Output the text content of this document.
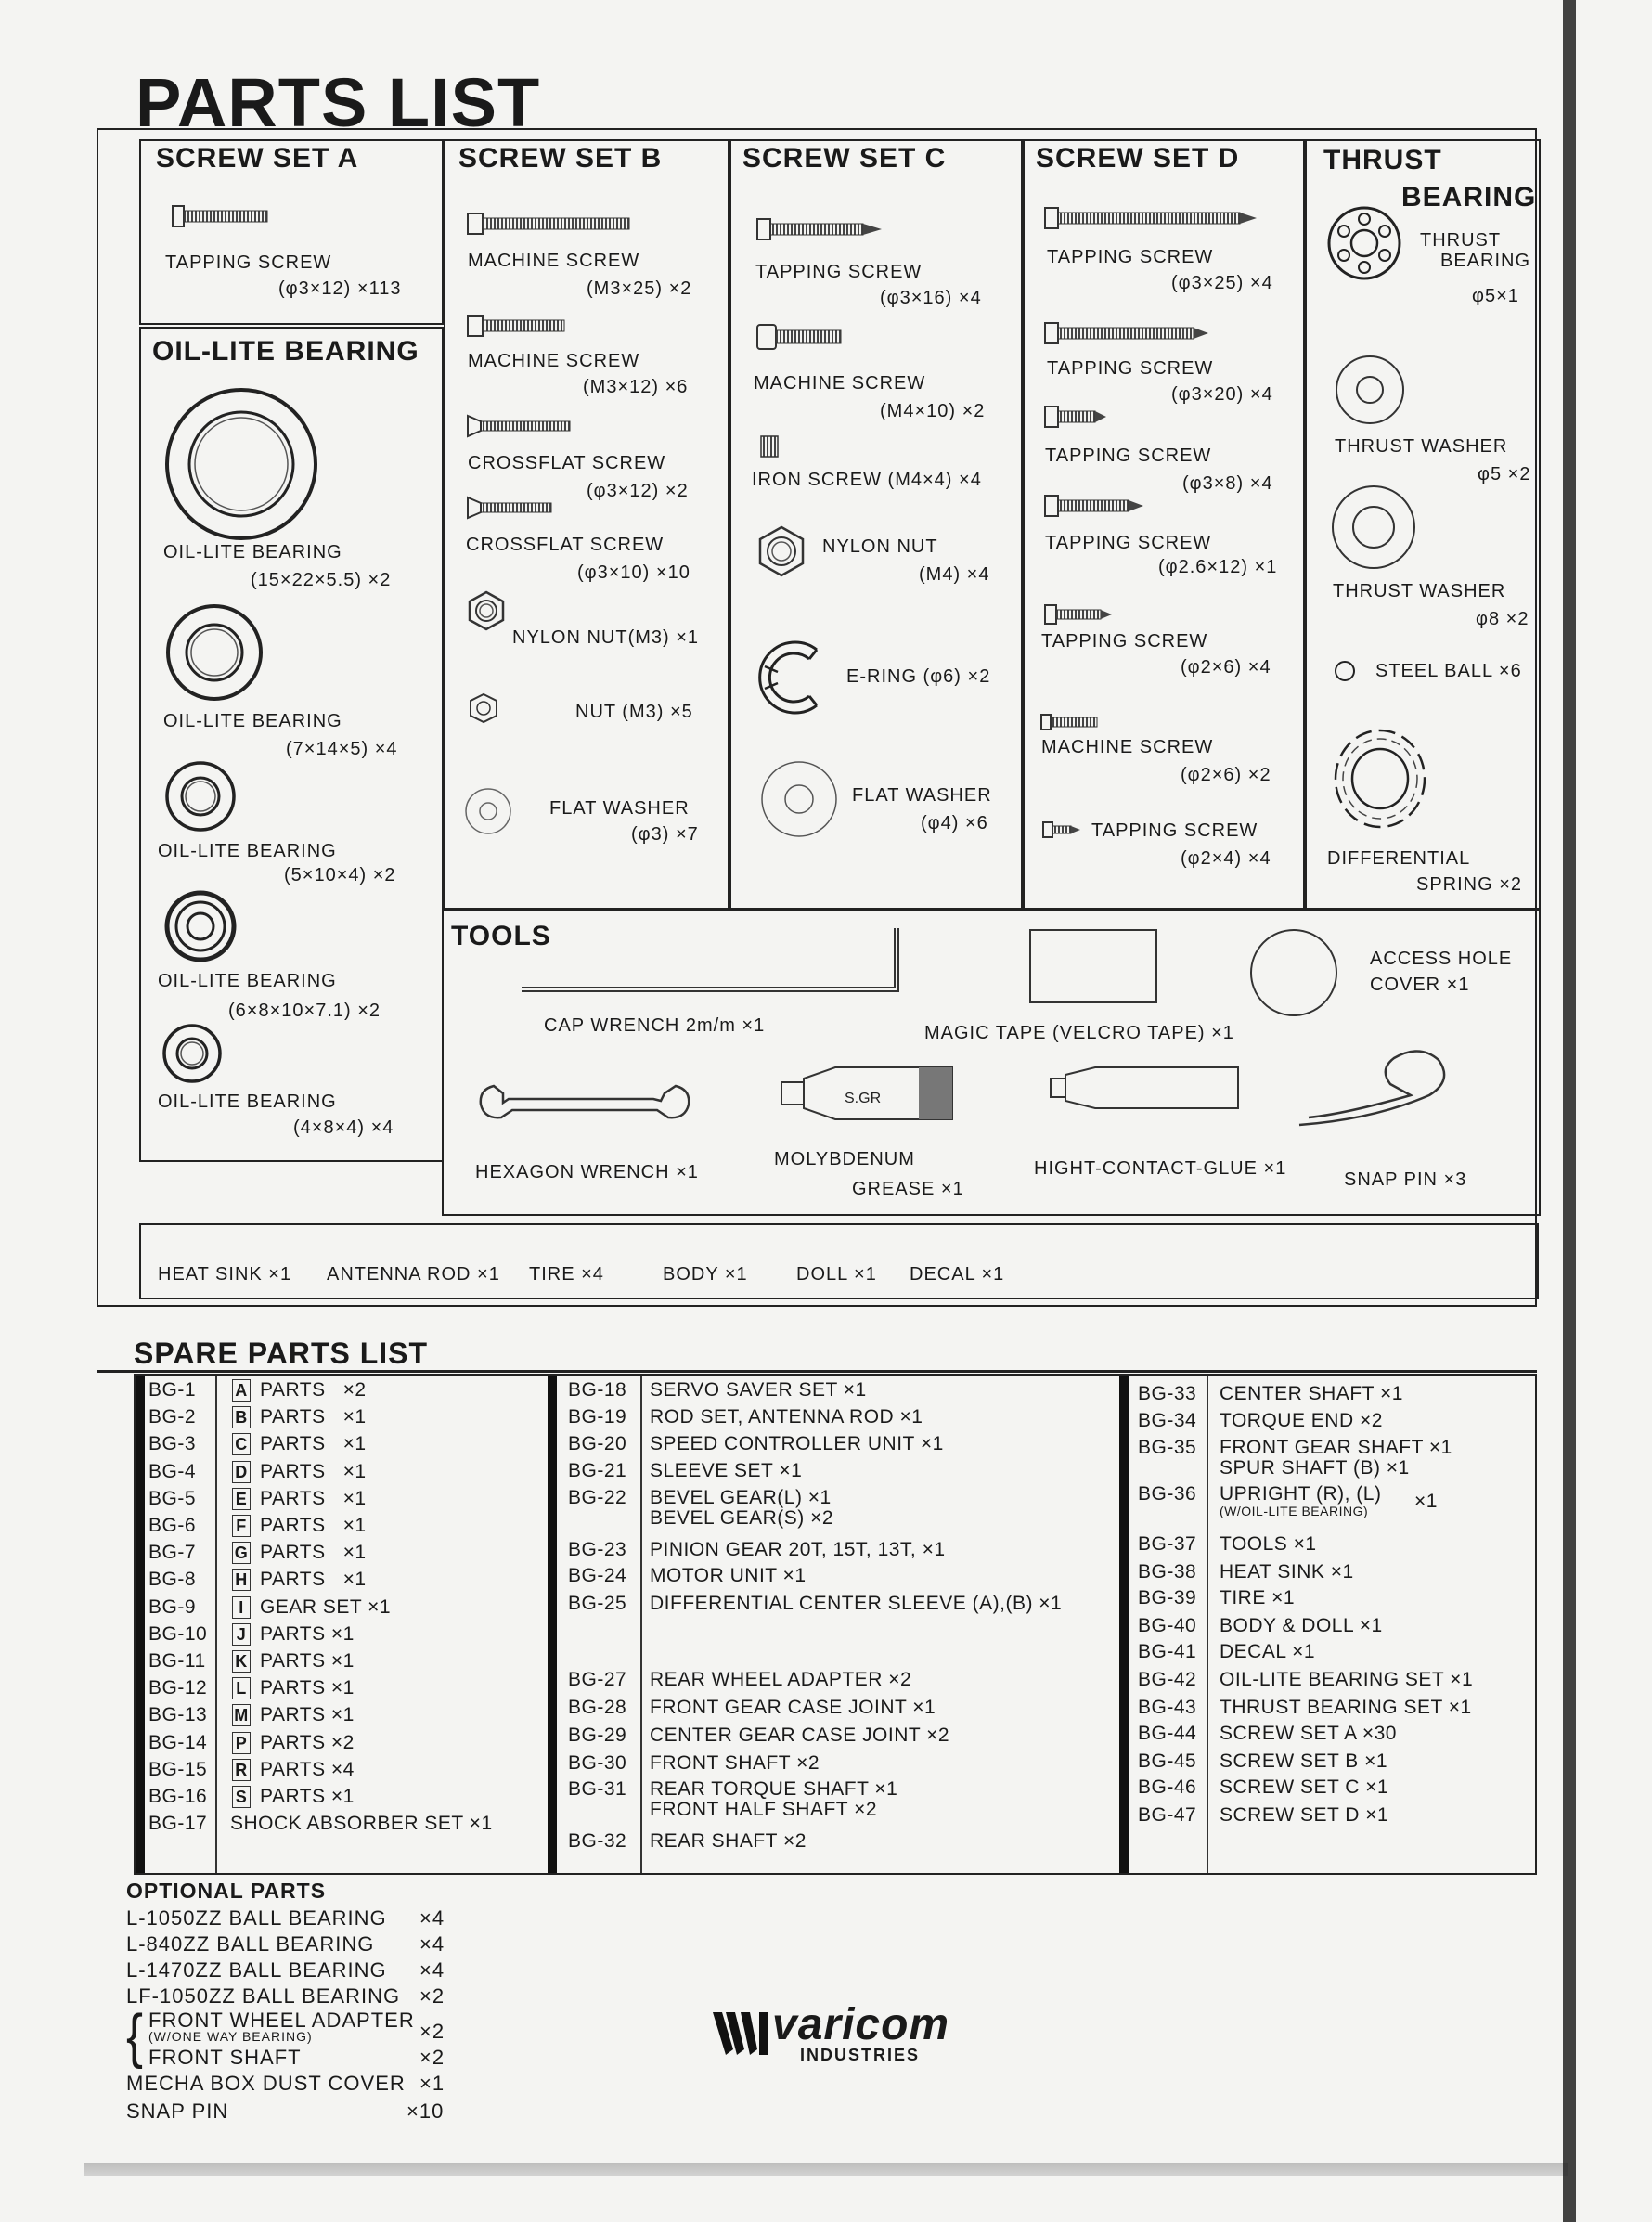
PARTS LIST
SCREW SET A
TAPPING SCREW
(φ3×12) ×113
OIL-LITE BEARING
OIL-LITE BEARING
(15×22×5.5) ×2
OIL-LITE BEARING
(7×14×5) ×4
OIL-LITE BEARING
(5×10×4) ×2
OIL-LITE BEARING
(6×8×10×7.1) ×2
OIL-LITE BEARING
(4×8×4) ×4
SCREW SET B
MACHINE SCREW
(M3×25) ×2
MACHINE SCREW
(M3×12) ×6
CROSSFLAT SCREW
(φ3×12) ×2
CROSSFLAT SCREW
(φ3×10) ×10
NYLON NUT(M3) ×1
NUT (M3) ×5
FLAT WASHER
(φ3) ×7
SCREW SET C
TAPPING SCREW
(φ3×16) ×4
MACHINE SCREW
(M4×10) ×2
IRON SCREW (M4×4) ×4
NYLON NUT
(M4) ×4
E-RING (φ6) ×2
FLAT WASHER
(φ4) ×6
SCREW SET D
TAPPING SCREW
(φ3×25) ×4
TAPPING SCREW
(φ3×20) ×4
TAPPING SCREW
(φ3×8) ×4
TAPPING SCREW
(φ2.6×12) ×1
TAPPING SCREW
(φ2×6) ×4
MACHINE SCREW
(φ2×6) ×2
TAPPING SCREW
(φ2×4) ×4
THRUST
BEARING
THRUST
BEARING
φ5×1
THRUST WASHER
φ5 ×2
THRUST WASHER
φ8 ×2
STEEL BALL ×6
DIFFERENTIAL
SPRING ×2
TOOLS
CAP WRENCH 2m/m ×1	MAGIC TAPE (VELCRO TAPE) ×1
ACCESS HOLE
COVER ×1
HEXAGON WRENCH ×1
S.GR
MOLYBDENUM
GREASE ×1
HIGHT-CONTACT-GLUE ×1
SNAP PIN ×3
HEAT SINK ×1 ANTENNA ROD ×1 TIRE ×4	BODY ×1	DOLL ×1 DECAL ×1
SPARE PARTS LIST
BG-1 A PARTS   ×2
BG-2 B PARTS   ×1
BG-3 C PARTS   ×1
BG-4 D PARTS   ×1
BG-5 E PARTS   ×1
BG-6 F PARTS   ×1
BG-7 G PARTS   ×1
BG-8 H PARTS   ×1
BG-9	I GEAR SET ×1
BG-10 J PARTS ×1
BG-11 K PARTS ×1
BG-12 L PARTS ×1
BG-13 M PARTS ×1
BG-14 P PARTS ×2
BG-15 R PARTS ×4
BG-16 S PARTS ×1
BG-17 SHOCK ABSORBER SET ×1
BG-18 SERVO SAVER SET ×1
BG-19 ROD SET, ANTENNA ROD ×1
BG-20 SPEED CONTROLLER UNIT ×1
BG-21 SLEEVE SET ×1
BG-22 BEVEL GEAR(L) ×1
BEVEL GEAR(S) ×2
BG-23 PINION GEAR 20T, 15T, 13T, ×1
BG-24 MOTOR UNIT ×1
BG-25 DIFFERENTIAL CENTER SLEEVE (A),(B) ×1
BG-27 REAR WHEEL ADAPTER ×2
BG-28 FRONT GEAR CASE JOINT ×1
BG-29 CENTER GEAR CASE JOINT ×2
BG-30 FRONT SHAFT ×2
BG-31 REAR TORQUE SHAFT ×1
FRONT HALF SHAFT ×2
BG-32 REAR SHAFT ×2
BG-33 CENTER SHAFT ×1
BG-34 TORQUE END ×2
BG-35 FRONT GEAR SHAFT ×1
SPUR SHAFT (B) ×1
BG-36 UPRIGHT (R), (L)
(W/OIL-LITE BEARING) ×1
BG-37 TOOLS ×1
BG-38 HEAT SINK ×1
BG-39 TIRE ×1
BG-40 BODY & DOLL ×1
BG-41 DECAL ×1
BG-42 OIL-LITE BEARING SET ×1
BG-43 THRUST BEARING SET ×1
BG-44 SCREW SET A ×30
BG-45 SCREW SET B ×1
BG-46 SCREW SET C ×1
BG-47 SCREW SET D ×1
OPTIONAL PARTS
L-1050ZZ BALL BEARING ×4
L-840ZZ BALL BEARING ×4
L-1470ZZ BALL BEARING ×4
LF-1050ZZ BALL BEARING ×2
FRONT WHEEL ADAPTER
(W/ONE WAY BEARING)	×2
FRONT SHAFT	×2
MECHA BOX DUST COVER ×1
SNAP PIN	×10
{	varicom
INDUSTRIES
